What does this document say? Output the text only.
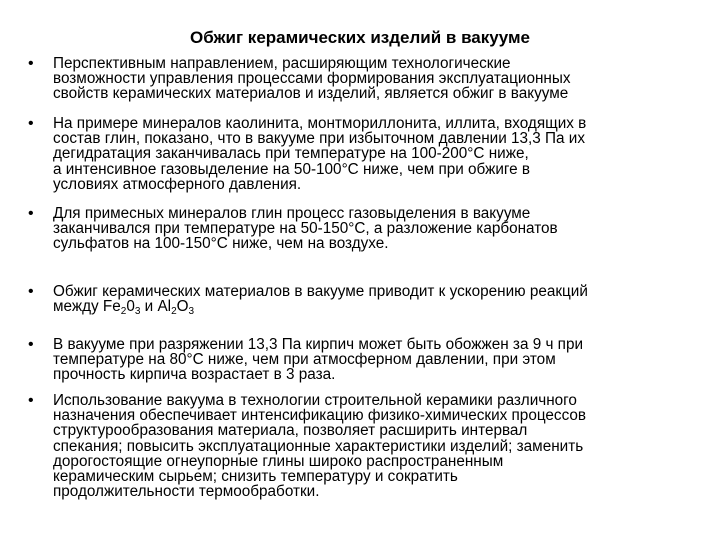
Обжиг керамических изделий в вакууме
• Перспективным направлением, расширяющим технологические
возможности управления процессами формирования эксплуатационных
свойств керамических материалов и изделий, является обжиг в вакууме
• На примере минералов каолинита, монтмориллонита, иллита, входящих в
состав глин, показано, что в вакууме при избыточном давлении 13,3 Па их
дегидратация заканчивалась при температуре на 100-200°С ниже,
а интенсивное газовыделение на 50-100°С ниже, чем при обжиге в
условиях атмосферного давления.
• Для примесных минералов глин процесс газовыделения в вакууме
заканчивался при температуре на 50-150°С, а разложение карбонатов
сульфатов на 100-150°С ниже, чем на воздухе.
• Обжиг керамических материалов в вакууме приводит к ускорению реакций
между $Fe_20_3$ и $Al_2O_3$
• В вакууме при разряжении 13,3 Па кирпич может быть обожжен за 9 ч при
температуре на 80°С ниже, чем при атмосферном давлении, при этом
прочность кирпича возрастает в 3 раза.
• Использование вакуума в технологии строительной керамики различного
назначения обеспечивает интенсификацию физико-химических процессов
структурообразования материала, позволяет расширить интервал
спекания; повысить эксплуатационные характеристики изделий; заменить
дорогостоящие огнеупорные глины широко распространенным
керамическим сырьем; снизить температуру и сократить
продолжительности термообработки.
